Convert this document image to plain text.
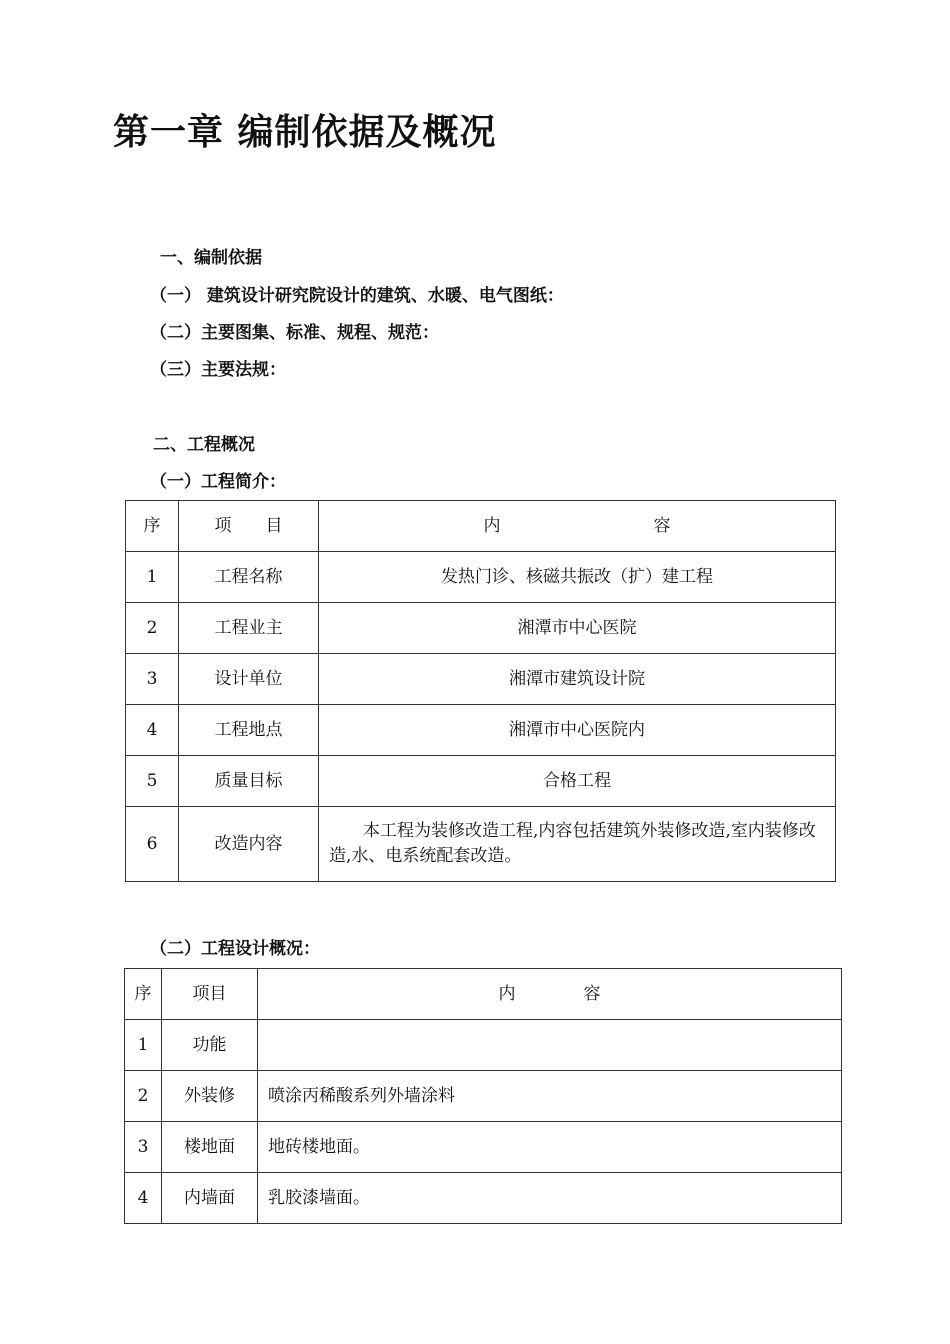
第一章 编制依据及概况
一、编制依据
（一） 建筑设计研究院设计的建筑、水暖、电气图纸：
（二）主要图集、标准、规程、规范：
（三）主要法规：
二、工程概况
（一）工程简介：
序	项　　目	内　　　　　　　　　容
1	工程名称	发热门诊、核磁共振改（扩）建工程
2	工程业主	湘潭市中心医院
3	设计单位	湘潭市建筑设计院
4	工程地点	湘潭市中心医院内
5	质量目标	合格工程
6	改造内容	本工程为装修改造工程,内容包括建筑外装修改造,室内装修改造,水、电系统配套改造。
（二）工程设计概况：
序	项目	内　　　　容
1	功能	
2	外装修	喷涂丙稀酸系列外墙涂料
3	楼地面	地砖楼地面。
4	内墙面	乳胶漆墙面。
